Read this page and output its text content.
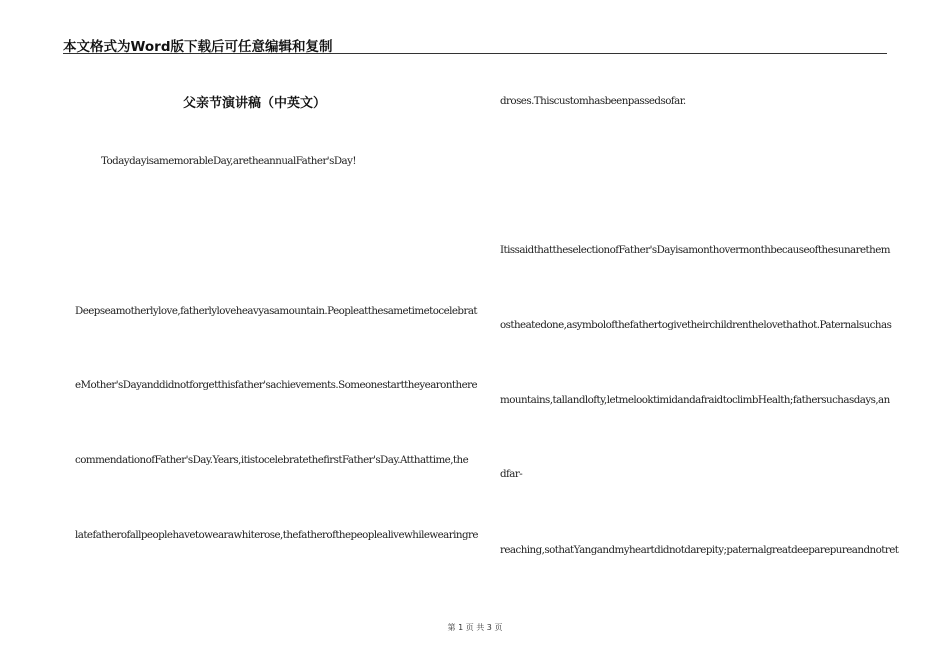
本文格式为Word版下载后可任意编辑和复制
父亲节演讲稿（中英文）
TodaydayisamemorableDay,aretheannualFather'sDay!
Deepseamotherlylove,fatherlyloveheavyasamountain.Peopleatthesametimetocelebrat
eMother'sDayanddidnotforgetthisfather'sachievements.Someonestarttheyearonthere
commendationofFather'sDay.Years,itistocelebratethefirstFather'sDay.Atthattime,the
latefatherofallpeoplehavetowearawhiterose,thefatherofthepeoplealivewhilewearingre
droses.Thiscustomhasbeenpassedsofar.
ItissaidthattheselectionofFather'sDayisamonthovermonthbecauseofthesunarethem
ostheatedone,asymbolofthefathertogivetheirchildrenthelovethathot.Paternalsuchas
mountains,tallandlofty,letmelooktimidandafraidtoclimbHealth;fathersuchasdays,an
dfar-
reaching,sothatYangandmyheartdidnotdarepity;paternalgreatdeeparepureandnotret
第 1 页 共 3 页
